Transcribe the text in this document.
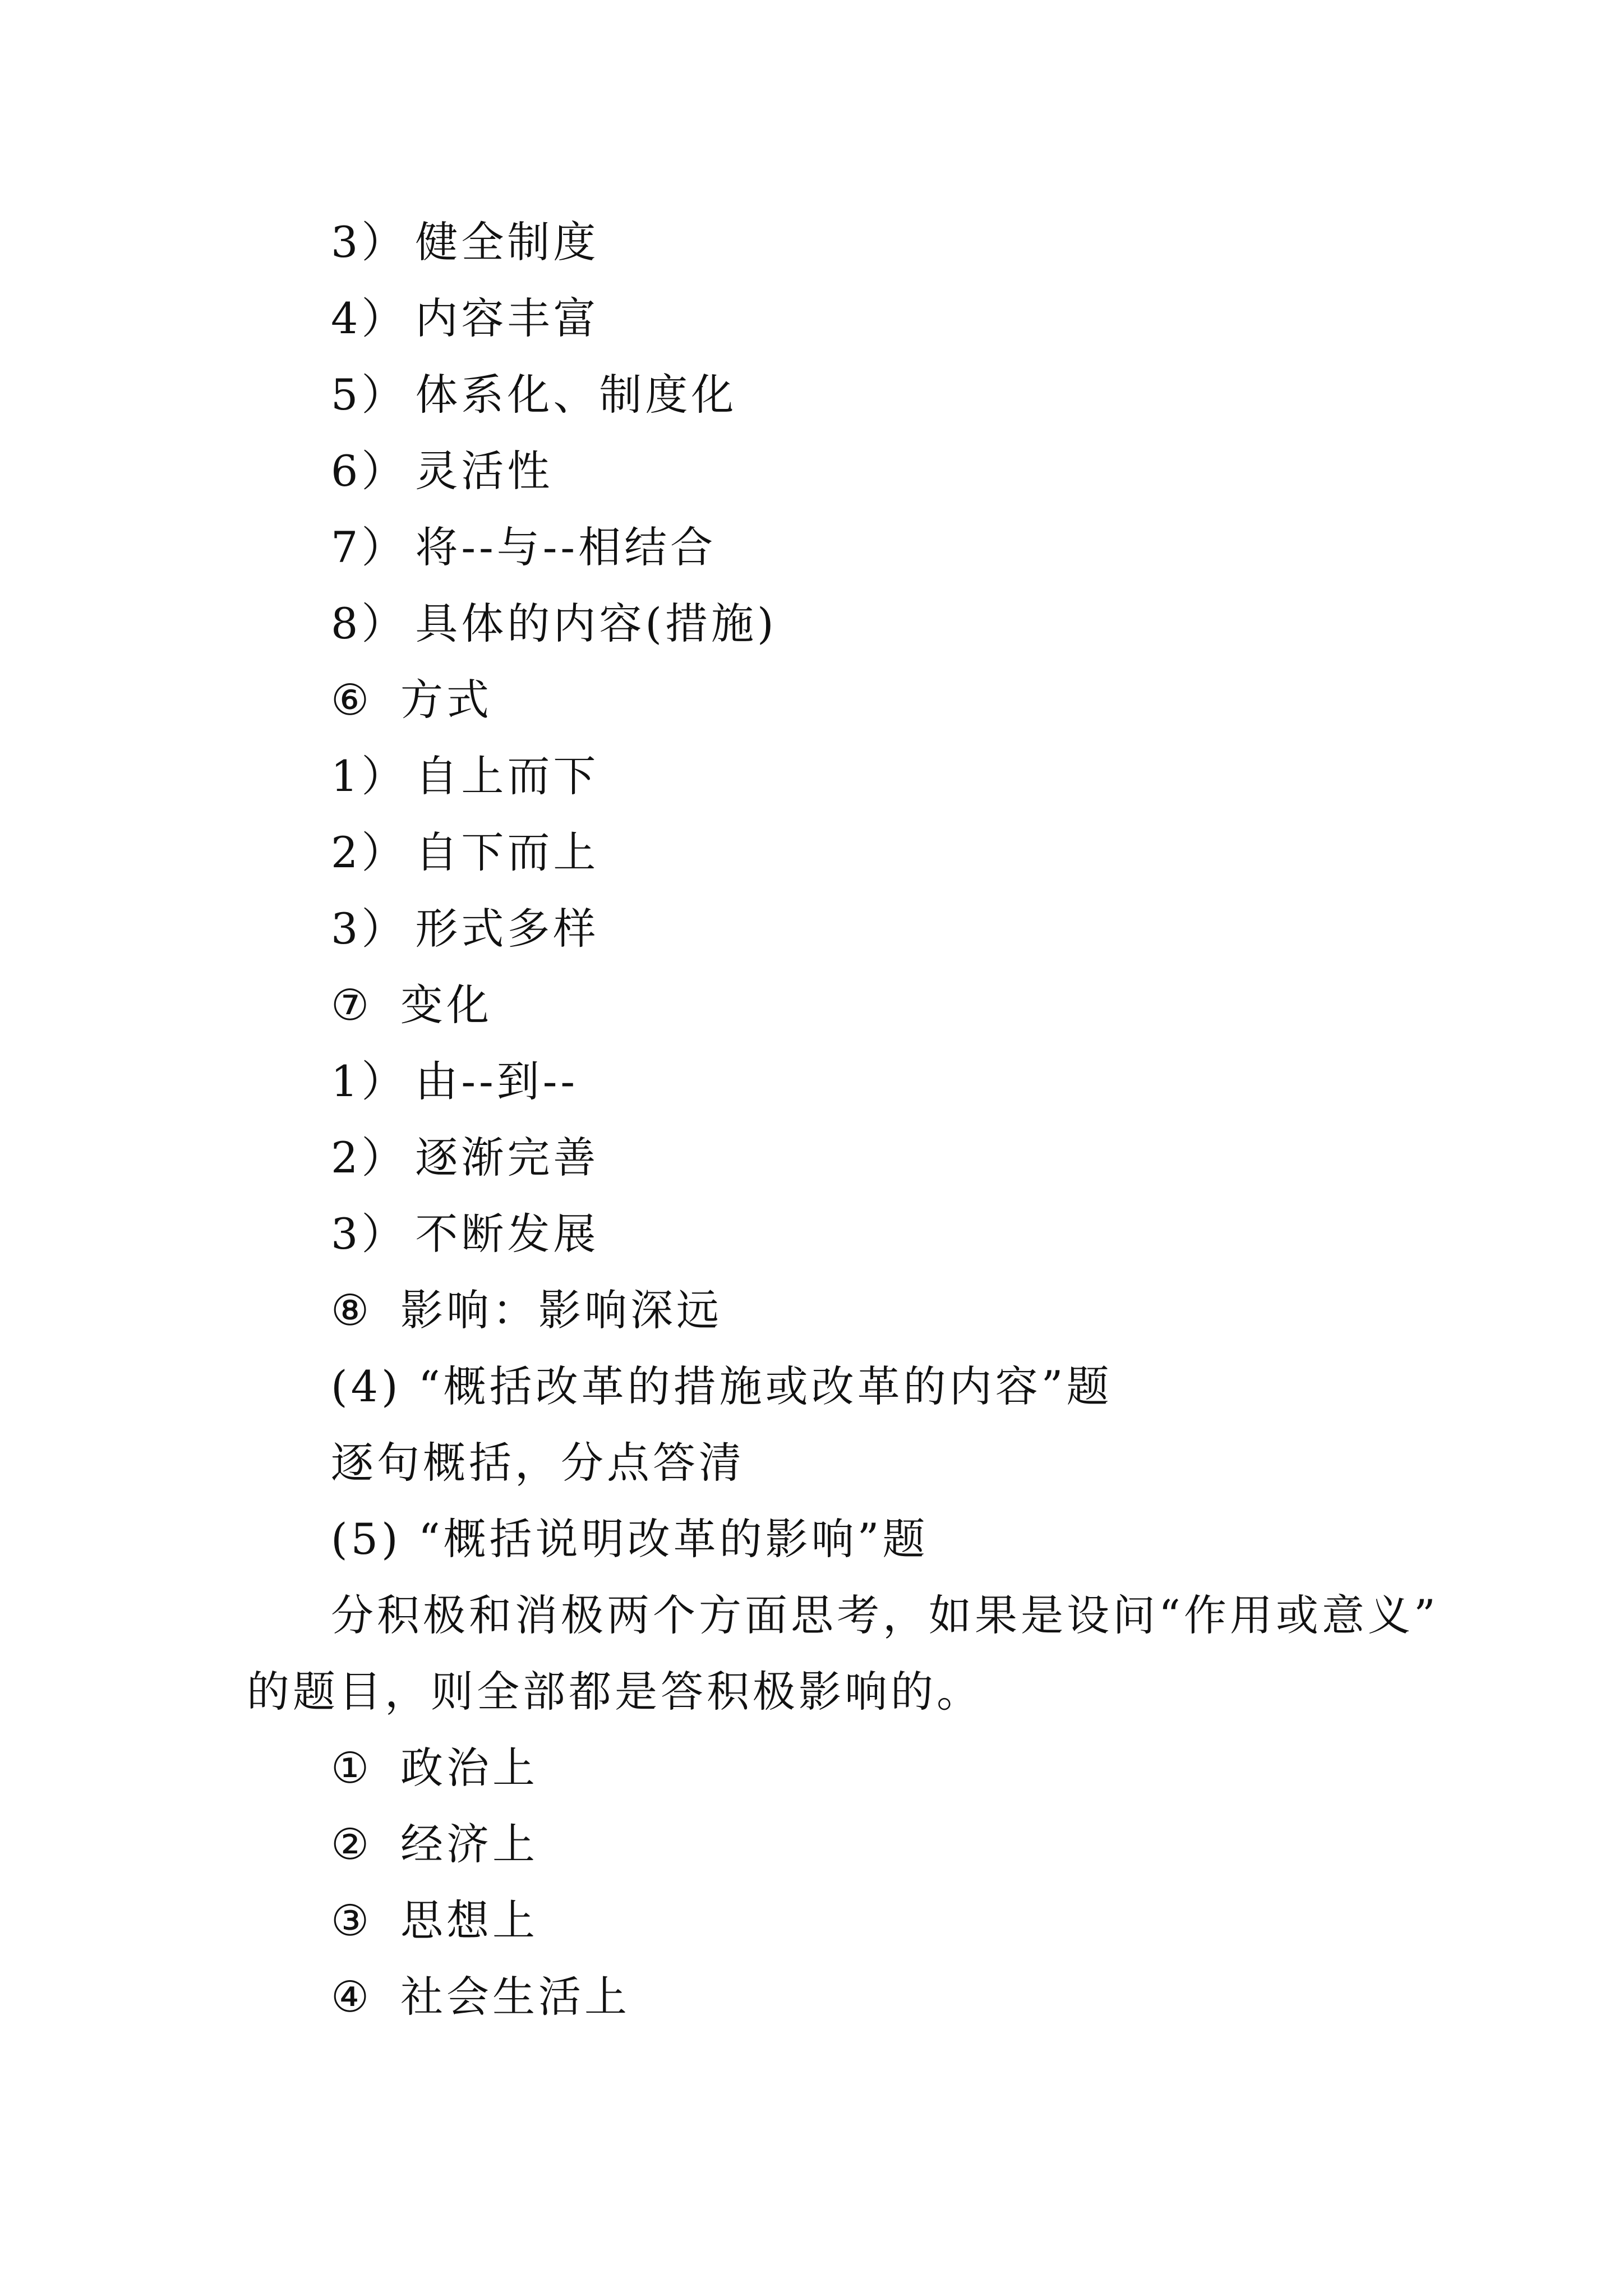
3） 健全制度
4） 内容丰富
5） 体系化、制度化
6） 灵活性
7） 将--与--相结合
8） 具体的内容(措施)
⑥ 方式
1） 自上而下
2） 自下而上
3） 形式多样
⑦ 变化
1） 由--到--
2） 逐渐完善
3） 不断发展
⑧ 影响：影响深远
(4) “概括改革的措施或改革的内容”题
逐句概括，分点答清
(5) “概括说明改革的影响”题
分积极和消极两个方面思考，如果是设问“作用或意义”
的题目，则全部都是答积极影响的。
① 政治上
② 经济上
③ 思想上
④ 社会生活上
